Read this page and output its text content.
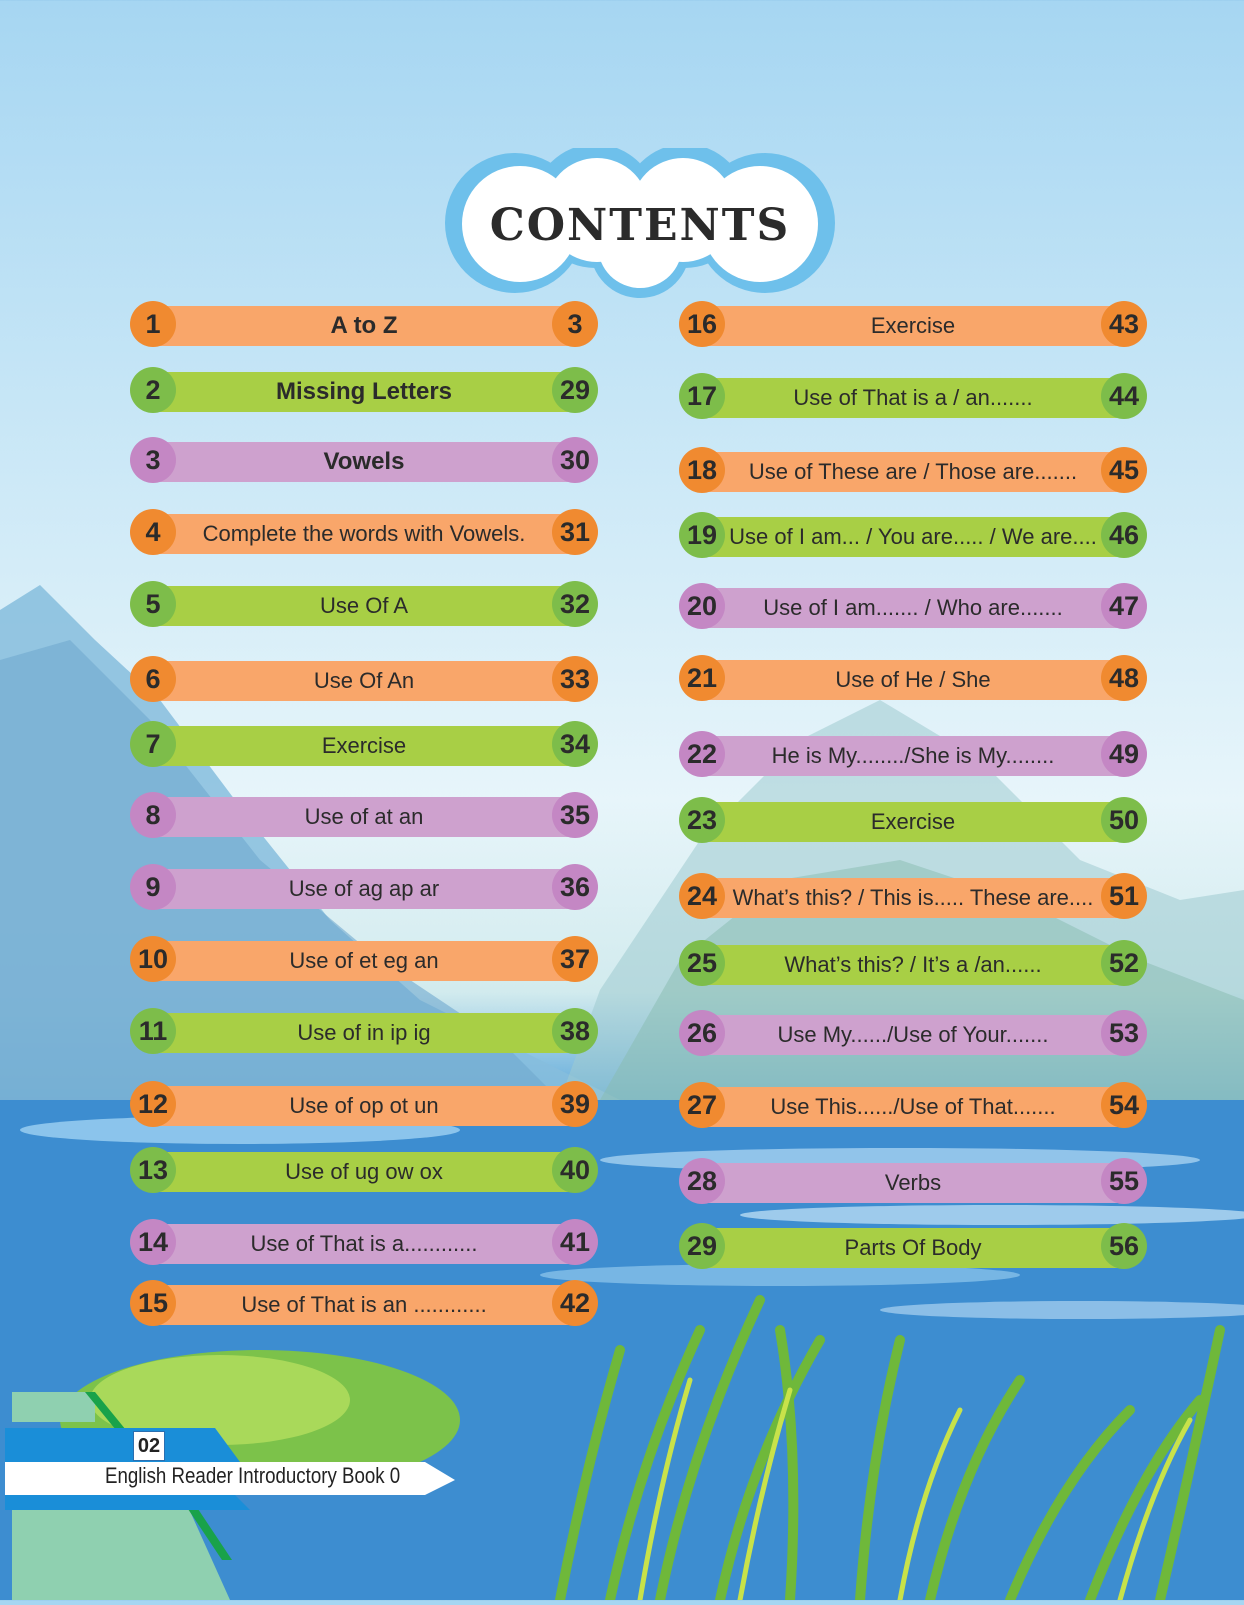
CONTENTS
A to Z
1	3
Missing Letters
2	29
Vowels
3	30
Complete the words with Vowels.
4	31
Use Of A
5	32
Use Of An
6	33
Exercise
7	34
Use of at an
8	35
Use of ag ap ar
9	36
Use of et eg an
10	37
Use of in ip ig
11	38
Use of op ot un
12	39
Use of ug ow ox
13	40
Use of That is a............
14	41
Use of That is an ............
15	42
Exercise
16	43
Use of That is a / an.......
17	44
Use of These are / Those are.......
18	45
Use of I am... / You are..... / We are....
19	46
Use of I am....... / Who are.......
20	47
Use of He / She
21	48
He is My......../She is My........
22	49
Exercise
23	50
What’s this? / This is..... These are....
24	51
What’s this? / It’s a /an......
25	52
Use My....../Use of Your.......
26	53
Use This....../Use of That.......
27	54
Verbs
28	55
Parts Of Body
29	56
02
English Reader Introductory Book 0
